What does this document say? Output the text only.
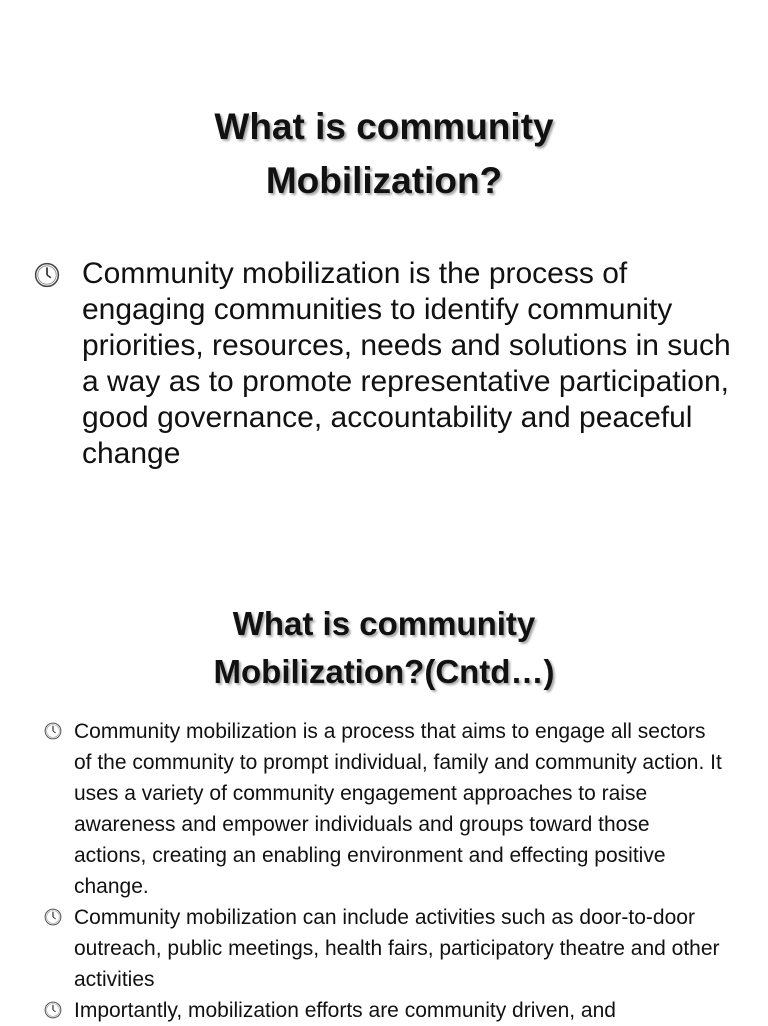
What is community
Mobilization?
Community mobilization is the process of engaging communities to identify community priorities, resources, needs and solutions in such a way as to promote representative participation, good governance, accountability and peaceful change
What is community
Mobilization?(Cntd…)
Community mobilization is a process that aims to engage all sectors of the community to prompt individual, family and community action. It uses a variety of community engagement approaches to raise awareness and empower individuals and groups toward those actions, creating an enabling environment and effecting positive change.
Community mobilization can include activities such as door-to-door outreach, public meetings, health fairs, participatory theatre and other activities
Importantly, mobilization efforts are community driven, and
